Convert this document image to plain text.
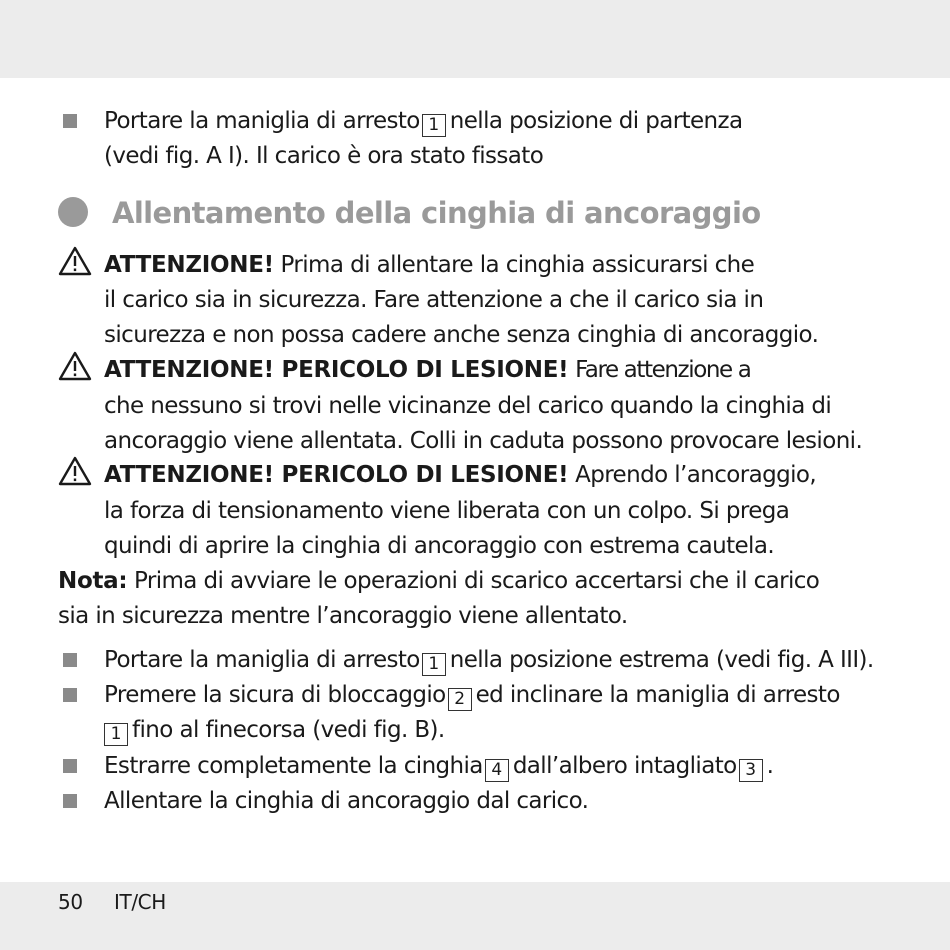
Portare la maniglia di arresto 1 nella posizione di partenza
(vedi fig. A I). Il carico è ora stato fissato
Allentamento della cinghia di ancoraggio
ATTENZIONE! Prima di allentare la cinghia assicurarsi che
il carico sia in sicurezza. Fare attenzione a che il carico sia in
sicurezza e non possa cadere anche senza cinghia di ancoraggio.
ATTENZIONE! PERICOLO DI LESIONE! Fare attenzione a
che nessuno si trovi nelle vicinanze del carico quando la cinghia di
ancoraggio viene allentata. Colli in caduta possono provocare lesioni.
ATTENZIONE! PERICOLO DI LESIONE! Aprendo l’ancoraggio,
la forza di tensionamento viene liberata con un colpo. Si prega
quindi di aprire la cinghia di ancoraggio con estrema cautela.
Nota: Prima di avviare le operazioni di scarico accertarsi che il carico
sia in sicurezza mentre l’ancoraggio viene allentato.
Portare la maniglia di arresto 1 nella posizione estrema (vedi fig. A III).
Premere la sicura di bloccaggio 2 ed inclinare la maniglia di arresto
1 fino al finecorsa (vedi fig. B).
Estrarre completamente la cinghia 4 dall’albero intagliato 3 .
Allentare la cinghia di ancoraggio dal carico.
50 IT/CH
